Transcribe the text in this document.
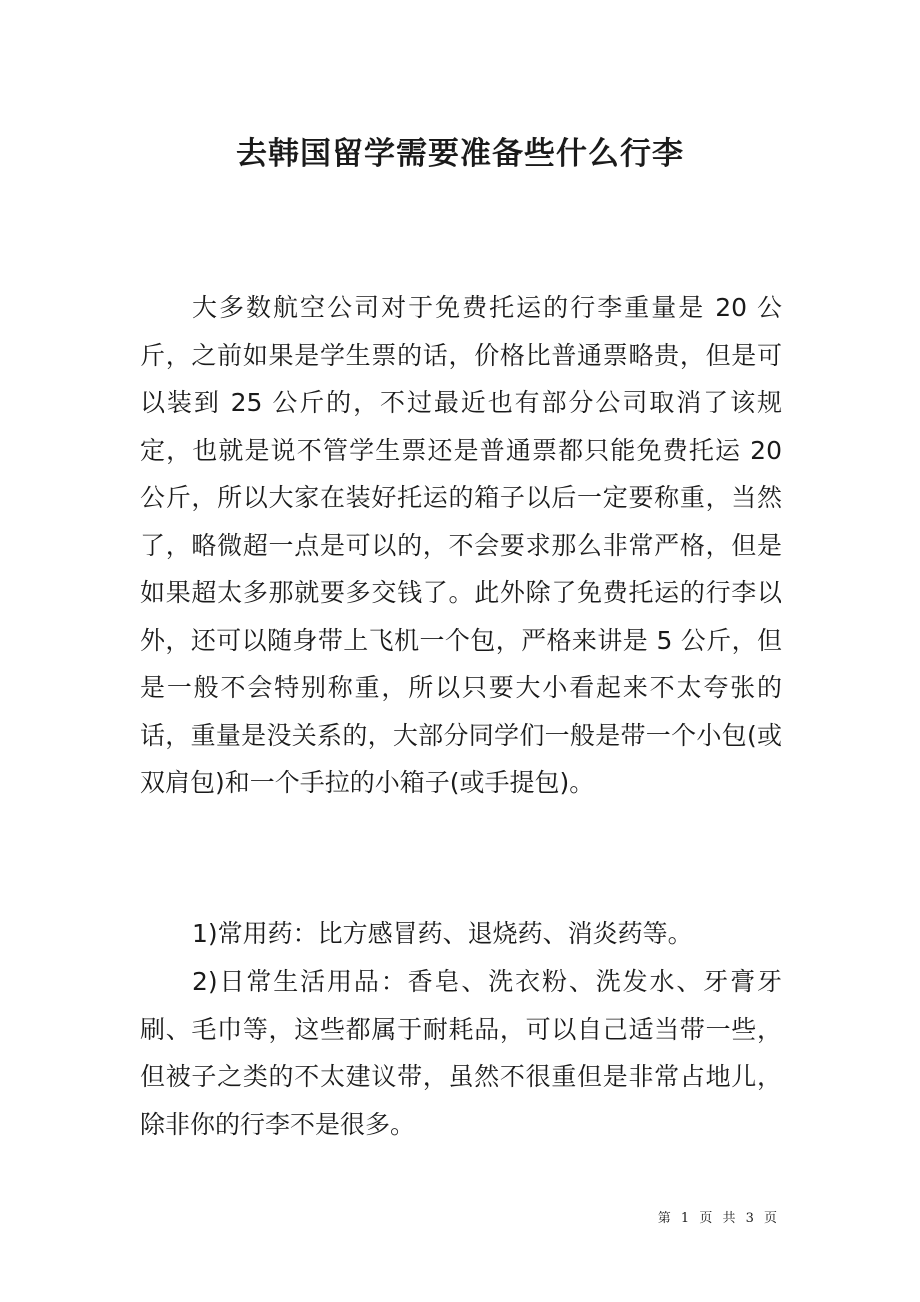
去韩国留学需要准备些什么行李

大多数航空公司对于免费托运的行李重量是 20 公斤，之前如果是学生票的话，价格比普通票略贵，但是可以装到 25 公斤的，不过最近也有部分公司取消了该规定，也就是说不管学生票还是普通票都只能免费托运 20 公斤，所以大家在装好托运的箱子以后一定要称重，当然了，略微超一点是可以的，不会要求那么非常严格，但是如果超太多那就要多交钱了。此外除了免费托运的行李以外，还可以随身带上飞机一个包，严格来讲是 5 公斤，但是一般不会特别称重，所以只要大小看起来不太夸张的话，重量是没关系的，大部分同学们一般是带一个小包(或双肩包)和一个手拉的小箱子(或手提包)。

1)常用药：比方感冒药、退烧药、消炎药等。

2)日常生活用品：香皂、洗衣粉、洗发水、牙膏牙刷、毛巾等，这些都属于耐耗品，可以自己适当带一些，但被子之类的不太建议带，虽然不很重但是非常占地儿，除非你的行李不是很多。

第 1 页 共 3 页
